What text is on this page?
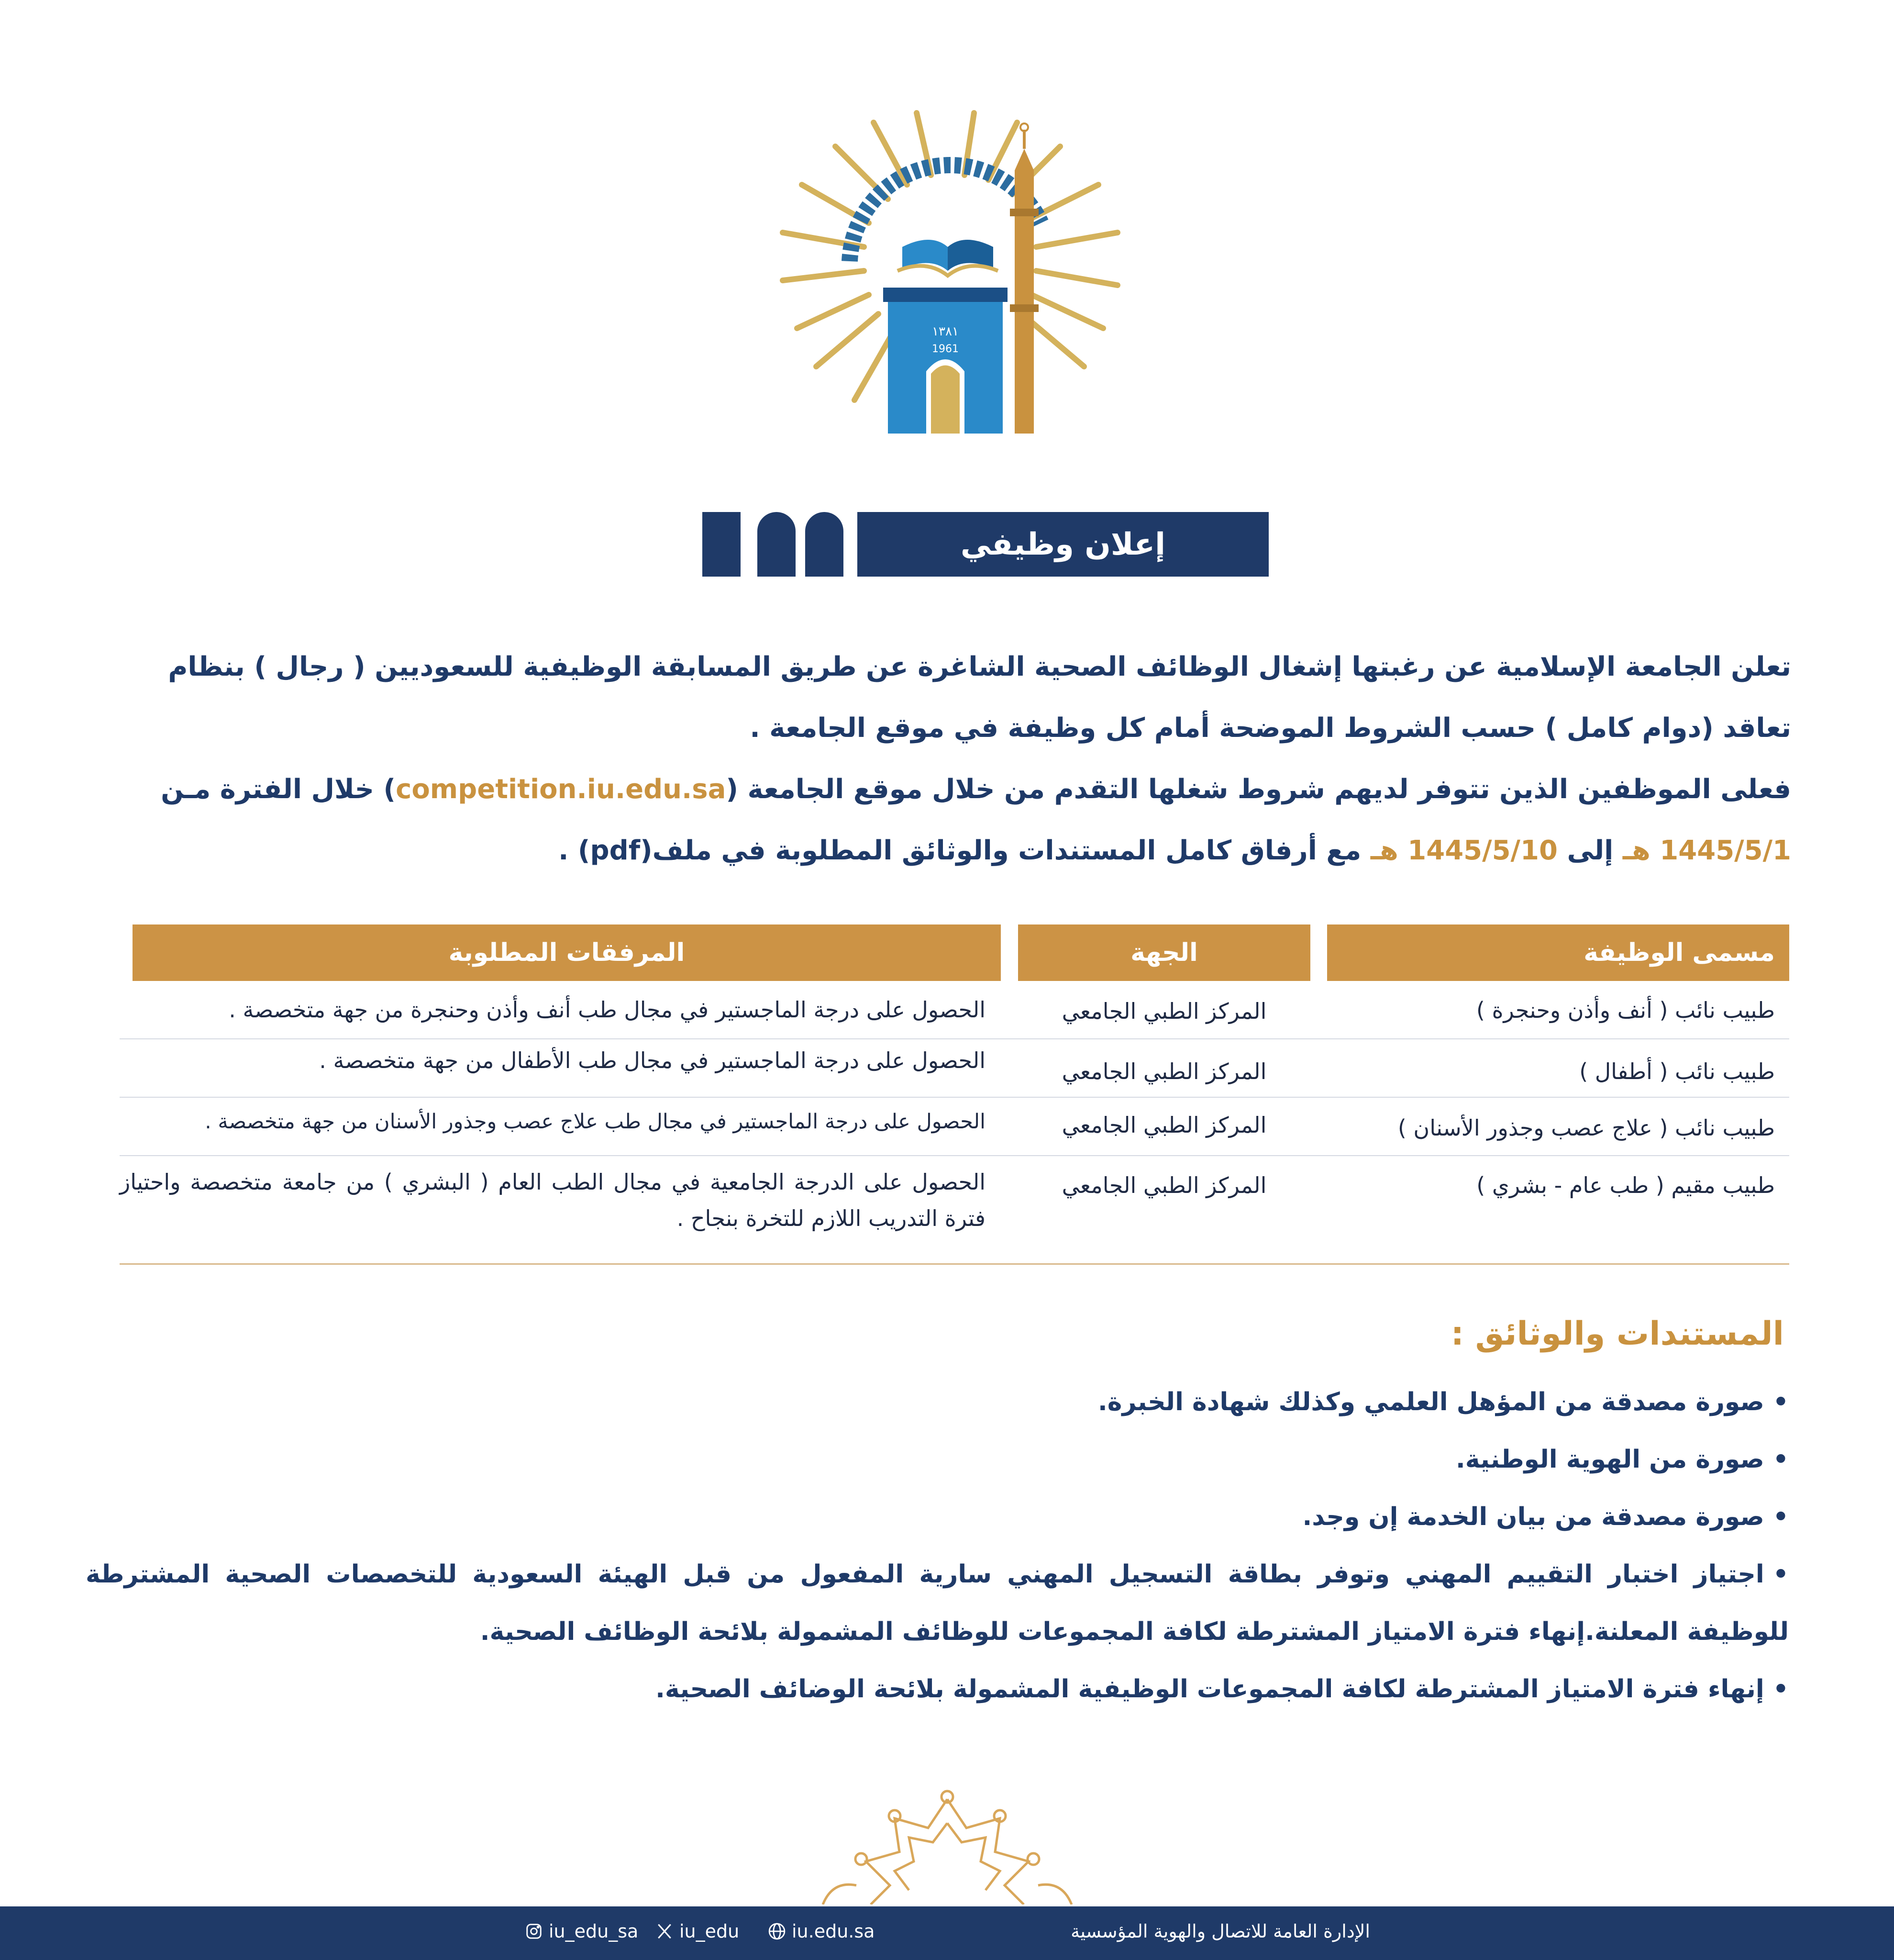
١٣٨١
1961
إعلان وظيفي
تعلن الجامعة الإسلامية عن رغبتها إشغال الوظائف الصحية الشاغرة عن طريق المسابقة الوظيفية للسعوديين ( رجال ) بنظام
تعاقد (دوام كامل ) حسب الشروط الموضحة أمام كل وظيفة في موقع الجامعة .
فعلى الموظفين الذين تتوفر لديهم شروط شغلها التقدم من خلال موقع الجامعة (competition.iu.edu.sa) خلال الفترة مـن
1445/5/1 هـ إلى 1445/5/10 هـ مع أرفاق كامل المستندات والوثائق المطلوبة في ملف(pdf) .
مسمى الوظيفة
الجهة
المرفقات المطلوبة
طبيب نائب ( أنف وأذن وحنجرة )
المركز الطبي الجامعي
الحصول على درجة الماجستير في مجال طب أنف وأذن وحنجرة من جهة متخصصة .
طبيب نائب ( أطفال )
المركز الطبي الجامعي
الحصول على درجة الماجستير في مجال طب الأطفال من جهة متخصصة .
طبيب نائب ( علاج عصب وجذور الأسنان )
المركز الطبي الجامعي
الحصول على درجة الماجستير في مجال طب علاج عصب وجذور الأسنان من جهة متخصصة .
طبيب مقيم ( طب عام - بشري )
المركز الطبي الجامعي
الحصول على الدرجة الجامعية في مجال الطب العام ( البشري ) من جامعة متخصصة واحتياز فترة التدريب اللازم للتخرة بنجاح .
المستندات والوثائق :
•صورة مصدقة من المؤهل العلمي وكذلك شهادة الخبرة.
•صورة من الهوية الوطنية.
•صورة مصدقة من بيان الخدمة إن وجد.
•اجتياز اختبار التقييم المهني وتوفر بطاقة التسجيل المهني سارية المفعول من قبل الهيئة السعودية للتخصصات الصحية المشترطة للوظيفة المعلنة.إنهاء فترة الامتياز المشترطة لكافة المجموعات للوظائف المشمولة بلائحة الوظائف الصحية.
•إنهاء فترة الامتياز المشترطة لكافة المجموعات الوظيفية المشمولة بلائحة الوضائف الصحية.
الإدارة العامة للاتصال والهوية المؤسسية
iu.edu.sa
iu_edu
iu_edu_sa
